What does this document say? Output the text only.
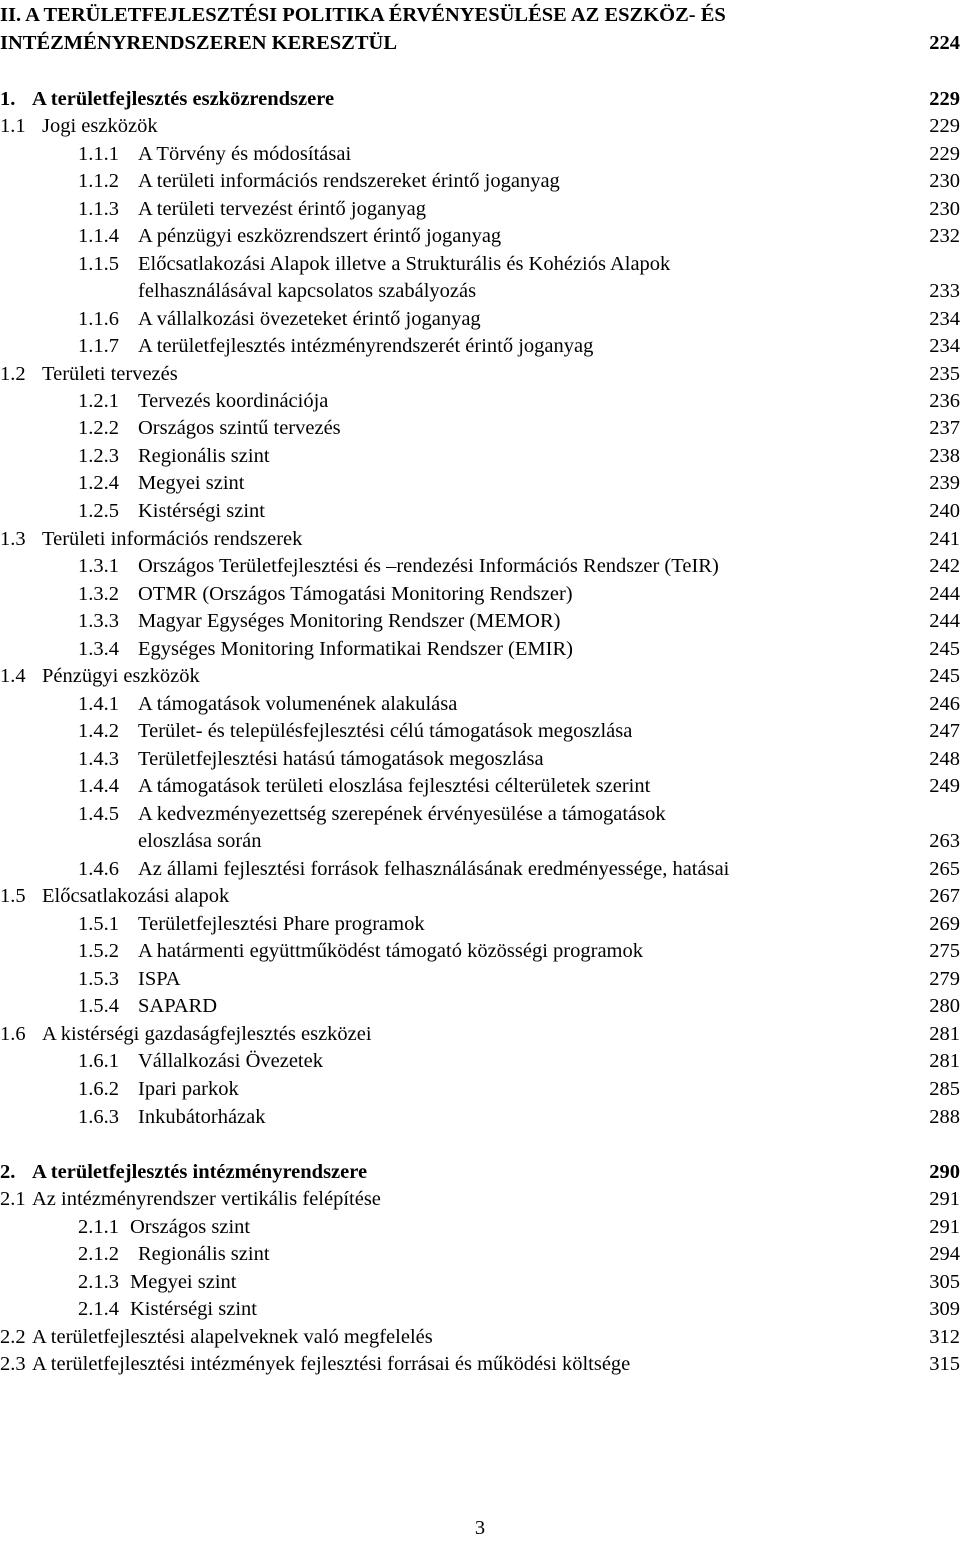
II. A TERÜLETFEJLESZTÉSI POLITIKA ÉRVÉNYESÜLÉSE AZ ESZKÖZ- ÉS
INTÉZMÉNYRENDSZEREN KERESZTÜL	224
1. A területfejlesztés eszközrendszere	229
1.1 Jogi eszközök	229
1.1.1 A Törvény és módosításai	229
1.1.2 A területi információs rendszereket érintő joganyag	230
1.1.3 A területi tervezést érintő joganyag	230
1.1.4 A pénzügyi eszközrendszert érintő joganyag	232
1.1.5 Előcsatlakozási Alapok illetve a Strukturális és Kohéziós Alapok
felhasználásával kapcsolatos szabályozás	233
1.1.6 A vállalkozási övezeteket érintő joganyag	234
1.1.7 A területfejlesztés intézményrendszerét érintő joganyag	234
1.2 Területi tervezés	235
1.2.1 Tervezés koordinációja	236
1.2.2 Országos szintű tervezés	237
1.2.3 Regionális szint	238
1.2.4 Megyei szint	239
1.2.5 Kistérségi szint	240
1.3 Területi információs rendszerek	241
1.3.1 Országos Területfejlesztési és –rendezési Információs Rendszer (TeIR)	242
1.3.2 OTMR (Országos Támogatási Monitoring Rendszer)	244
1.3.3 Magyar Egységes Monitoring Rendszer (MEMOR)	244
1.3.4 Egységes Monitoring Informatikai Rendszer (EMIR)	245
1.4 Pénzügyi eszközök	245
1.4.1 A támogatások volumenének alakulása	246
1.4.2 Terület- és településfejlesztési célú támogatások megoszlása	247
1.4.3 Területfejlesztési hatású támogatások megoszlása	248
1.4.4 A támogatások területi eloszlása fejlesztési célterületek szerint	249
1.4.5 A kedvezményezettség szerepének érvényesülése a támogatások
eloszlása során	263
1.4.6 Az állami fejlesztési források felhasználásának eredményessége, hatásai	265
1.5 Előcsatlakozási alapok	267
1.5.1 Területfejlesztési Phare programok	269
1.5.2 A határmenti együttműködést támogató közösségi programok	275
1.5.3 ISPA	279
1.5.4 SAPARD	280
1.6 A kistérségi gazdaságfejlesztés eszközei	281
1.6.1 Vállalkozási Övezetek	281
1.6.2 Ipari parkok	285
1.6.3 Inkubátorházak	288
2. A területfejlesztés intézményrendszere	290
2.1 Az intézményrendszer vertikális felépítése	291
2.1.1 Országos szint	291
2.1.2 Regionális szint	294
2.1.3 Megyei szint	305
2.1.4 Kistérségi szint	309
2.2 A területfejlesztési alapelveknek való megfelelés	312
2.3 A területfejlesztési intézmények fejlesztési forrásai és működési költsége	315
3
